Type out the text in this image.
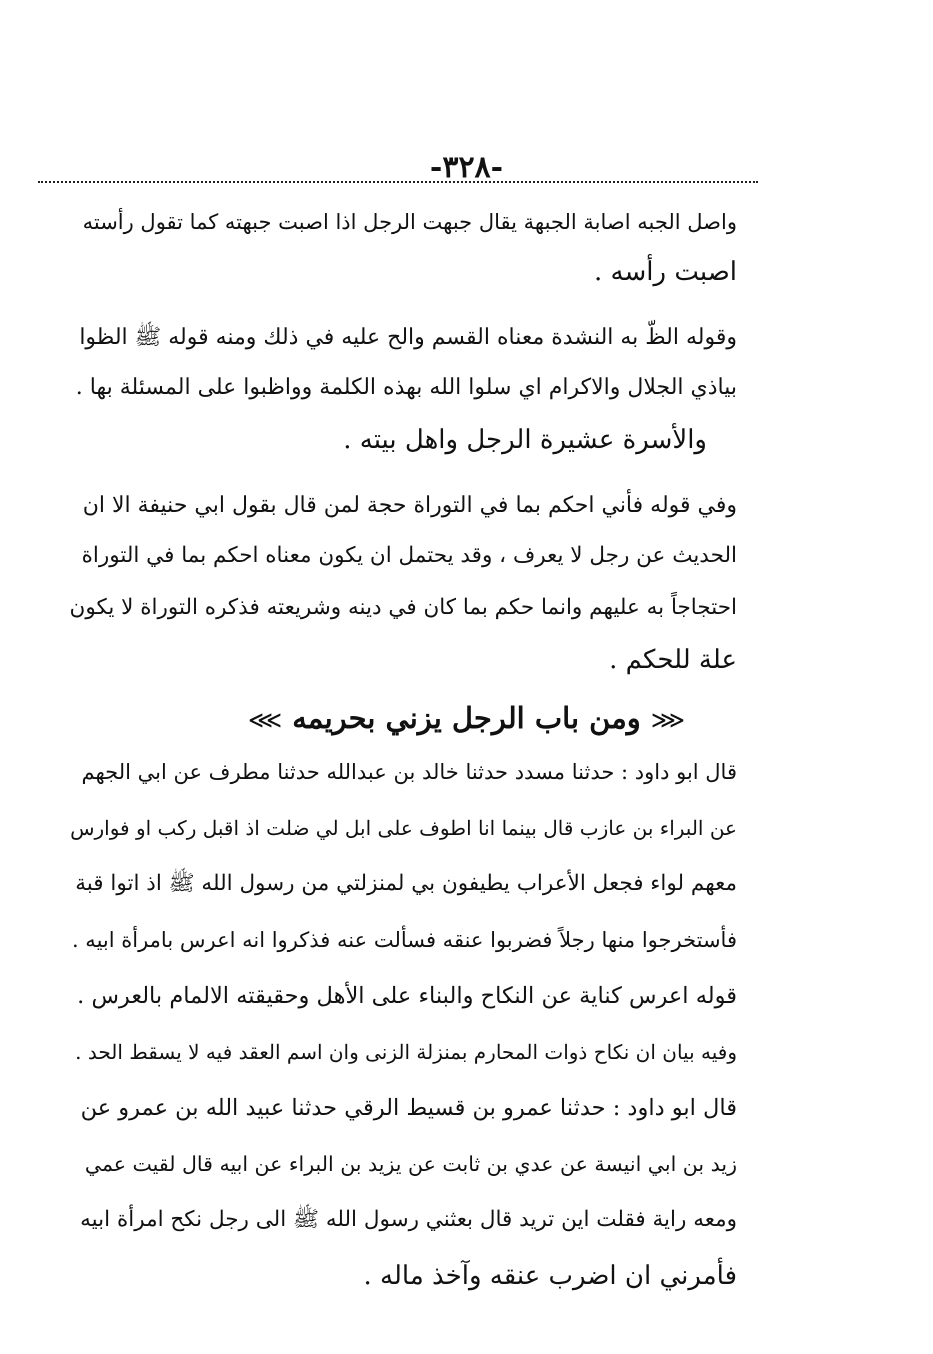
-۳۲۸-
واصل الجبه اصابة الجبهة يقال جبهت الرجل اذا اصبت جبهته كما تقول رأسته
اصبت رأسه .
وقوله الظّ به النشدة معناه القسم والح عليه في ذلك ومنه قوله ﷺ الظوا
بياذي الجلال والاكرام اي سلوا الله بهذه الكلمة وواظبوا على المسئلة بها .
والأسرة عشيرة الرجل واهل بيته .
وفي قوله فأني احكم بما في التوراة حجة لمن قال بقول ابي حنيفة الا ان
الحديث عن رجل لا يعرف ، وقد يحتمل ان يكون معناه احكم بما في التوراة
احتجاجاً به عليهم وانما حكم بما كان في دينه وشريعته فذكره التوراة لا يكون
علة للحكم .
⋘ ومن باب الرجل يزني بحريمه ⋙
قال ابو داود : حدثنا مسدد حدثنا خالد بن عبدالله حدثنا مطرف عن ابي الجهم
عن البراء بن عازب قال بينما انا اطوف على ابل لي ضلت اذ اقبل ركب او فوارس
معهم لواء فجعل الأعراب يطيفون بي لمنزلتي من رسول الله ﷺ اذ اتوا قبة
فأستخرجوا منها رجلاً فضربوا عنقه فسألت عنه فذكروا انه اعرس بامرأة ابيه .
قوله اعرس كناية عن النكاح والبناء على الأهل وحقيقته الالمام بالعرس .
وفيه بيان ان نكاح ذوات المحارم بمنزلة الزنى وان اسم العقد فيه لا يسقط الحد .
قال ابو داود : حدثنا عمرو بن قسيط الرقي حدثنا عبيد الله بن عمرو عن
زيد بن ابي انيسة عن عدي بن ثابت عن يزيد بن البراء عن ابيه قال لقيت عمي
ومعه راية فقلت اين تريد قال بعثني رسول الله ﷺ الى رجل نكح امرأة ابيه
فأمرني ان اضرب عنقه وآخذ ماله .
